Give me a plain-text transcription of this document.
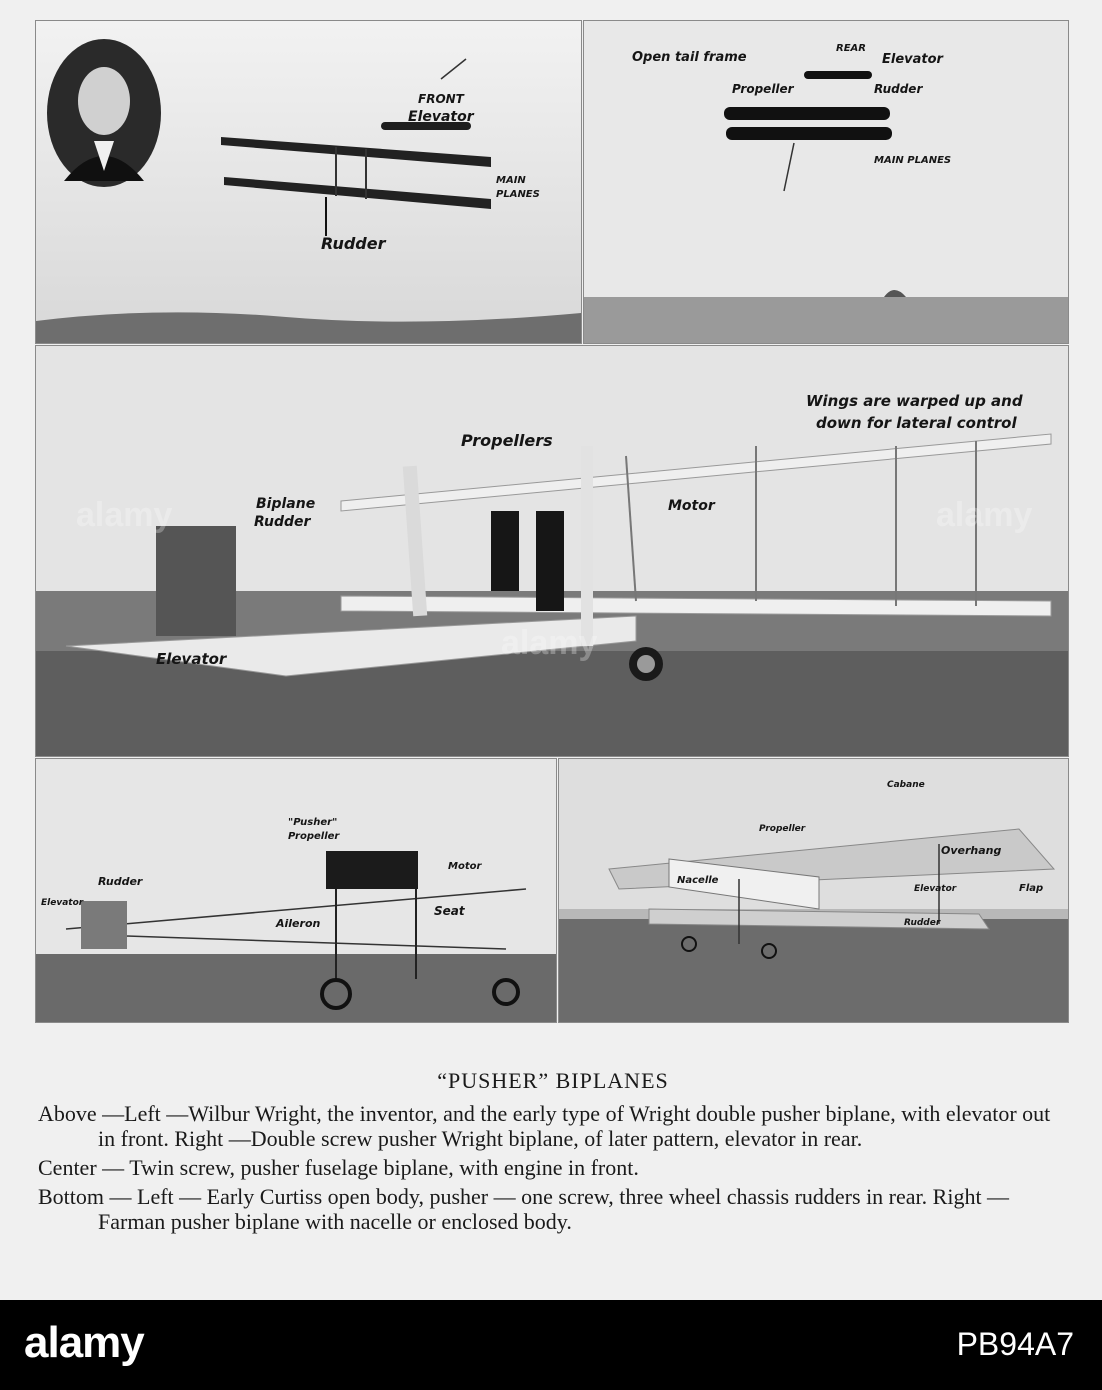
FRONT
Elevator
MAIN
PLANES
Rudder
Open tail frame
REAR
Elevator
Propeller	Rudder
MAIN PLANES
alamy
alamy
alamy
Propellers
Wings are warped up and
down for lateral control
Biplane
Rudder
Motor
Elevator
"Pusher"
Propeller
Rudder
Elevator
Motor
Aileron
Seat
Propeller
Cabane
Nacelle
Overhang
Elevator	Flap
Rudder
“PUSHER” BIPLANES
Above —Left —Wilbur Wright, the inventor, and the early type of Wright double pusher biplane, with elevator out in front. Right —Double screw pusher Wright biplane, of later pattern, elevator in rear.
Center — Twin screw, pusher fuselage biplane, with engine in front.
Bottom — Left — Early Curtiss open body, pusher — one screw, three wheel chassis rudders in rear. Right — Farman pusher biplane with nacelle or enclosed body.
alamy	PB94A7
